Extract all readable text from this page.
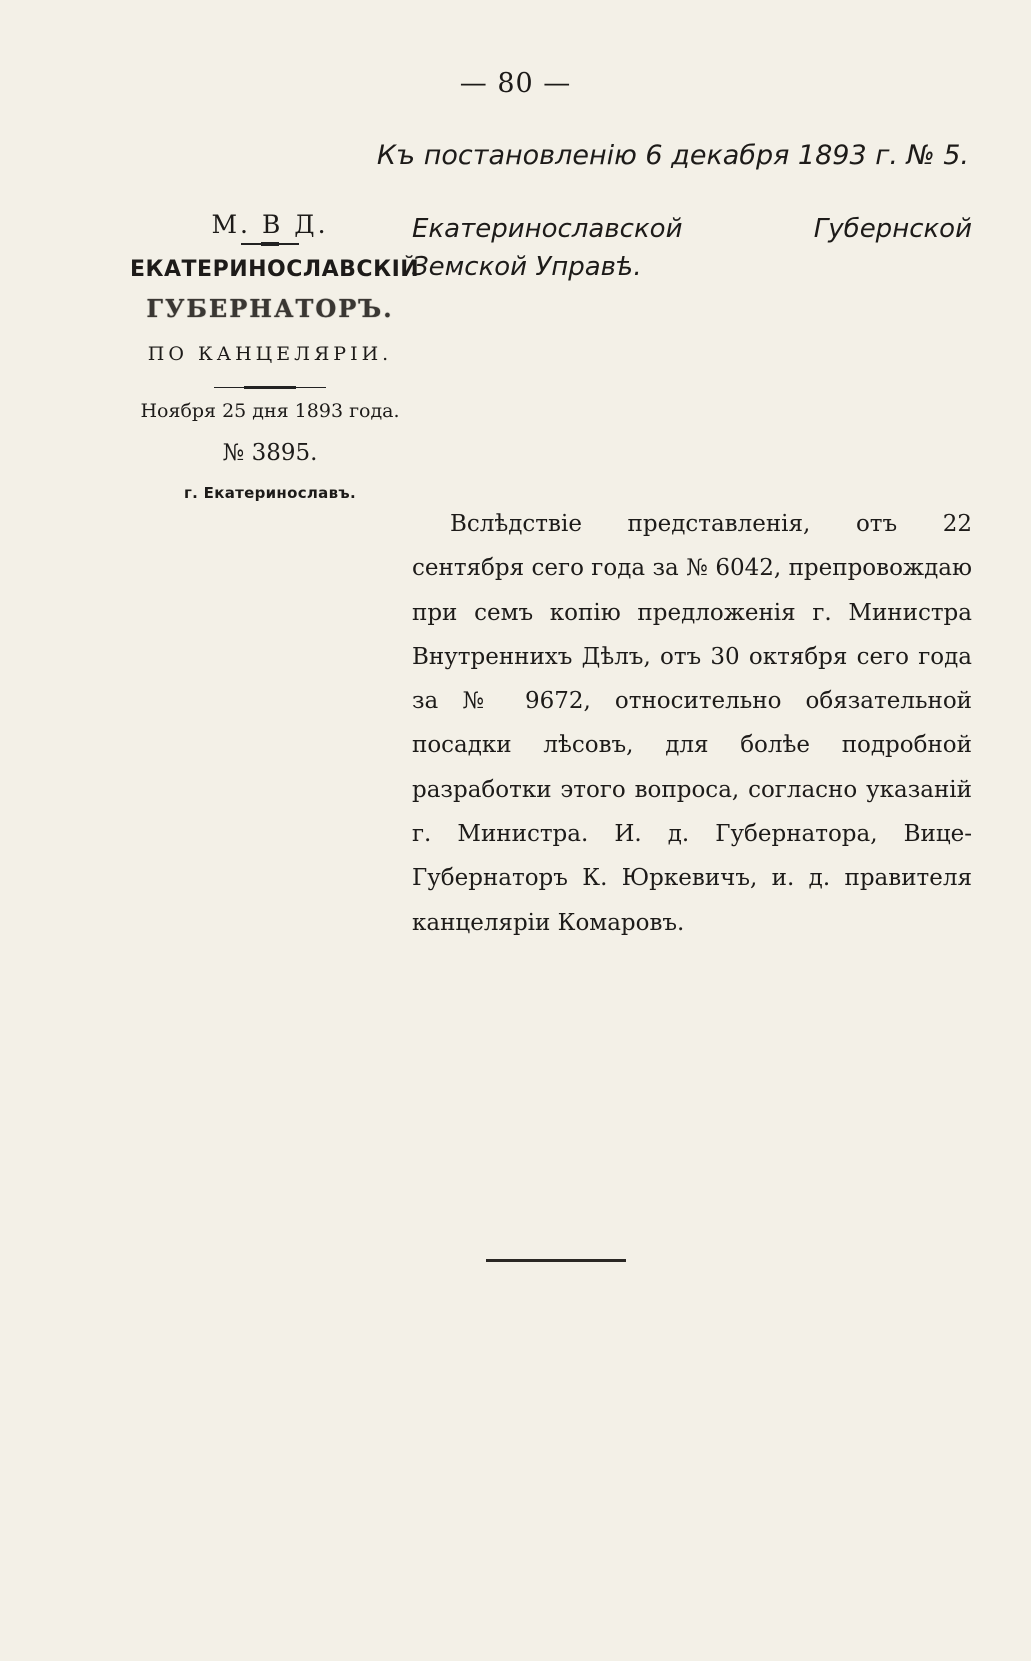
— 80 —
Къ постановленію 6 декабря 1893 г. № 5.
М. В Д.
ЕКАТЕРИНОСЛАВСКІЙ
ГУБЕРНАТОРЪ.
ПО КАНЦЕЛЯРІИ.
Ноября 25 дня 1893 года.
№ 3895.
г. Екатеринославъ.
Екатеринославской Губернской Земской Управѣ.
Вслѣдствіе представленія, отъ 22 сентября сего года за № 6042, препровождаю при семъ копію предложенія г. Министра Внутреннихъ Дѣлъ, отъ 30 октября сего года за № 9672, относительно обязательной посадки лѣсовъ, для болѣе подробной разработки этого вопроса, согласно указаній г. Министра. И. д. Губернатора, Вице-Губернаторъ К. Юркевичъ, и. д. правителя канцеляріи Комаровъ.
